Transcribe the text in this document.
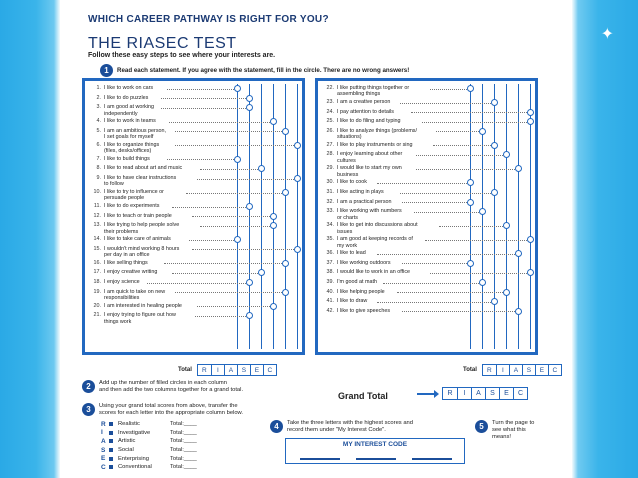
✦
WHICH CAREER PATHWAY IS RIGHT FOR YOU?
THE RIASEC TEST
Follow these easy steps to see where your interests are.
1	Read each statement. If you agree with the statement, fill in the circle. There are no wrong answers!
1. I like to work on cars
2. I like to do puzzles
3. I am good at working
independently
4. I like to work in teams
5. I am an ambitious person,
I set goals for myself
6. I like to organize things
(files, desks/offices)
7. I like to build things
8. I like to read about art and music
9. I like to have clear instructions
to follow
10. I like to try to influence or
persuade people
11. I like to do experiments
12. I like to teach or train people
13. I like trying to help people solve
their problems
14. I like to take care of animals
15. I wouldn't mind working 8 hours
per day in an office
16. I like selling things
17. I enjoy creative writing
18. I enjoy science
19. I am quick to take on new
responsibilities
20. I am interested in healing people
21. I enjoy trying to figure out how
things work
22. I like putting things together or
assembling things
23. I am a creative person
24. I pay attention to details
25. I like to do filing and typing
26. I like to analyze things (problems/
situations)
27. I like to play instruments or sing
28. I enjoy learning about other
cultures
29. I would like to start my own
business
30. I like to cook
31. I like acting in plays
32. I am a practical person
33. I like working with numbers
or charts
34. I like to get into discussions about
issues
35. I am good at keeping records of
my work
36. I like to lead
37. I like working outdoors
38. I would like to work in an office
39. I'm good at math
40. I like helping people
41. I like to draw
42. I like to give speeches
Total	R	I	A	S	E	C	Total	R	I	A	S	E	C
2	Add up the number of filled circles in each column
and then add the two columns together for a grand total.
Grand Total	R	I	A	S	E	C
3	Using your grand total scores from above, transfer the
scores for each letter into the appropriate column below.
R	Realistic	Total:____
I	Investigative	Total:____
A	Artistic	Total:____
S	Social	Total:____
E	Enterprising	Total:____
C	Conventional	Total:____
4	Take the three letters with the highest scores and
record them under "My Interest Code".	5	Turn the page to
see what this
means!
MY INTEREST CODE
